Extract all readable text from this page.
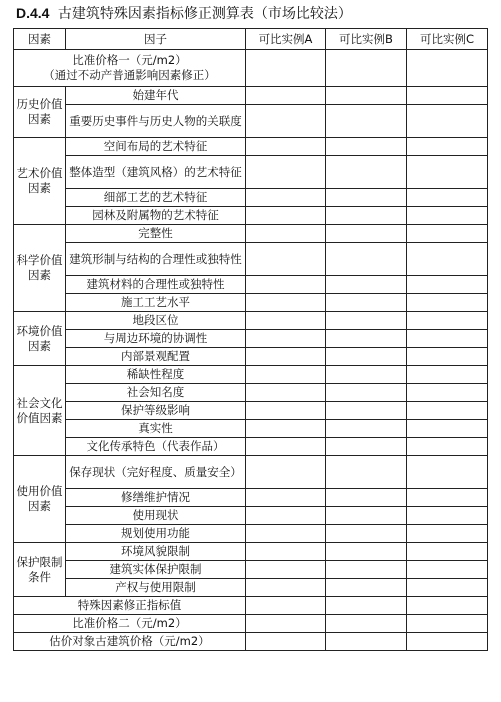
D.4.4 古建筑特殊因素指标修正测算表（市场比较法）
因素	因子	可比实例A	可比实例B	可比实例C

比准价格一（元/m2）
（通过不动产普通影响因素修正）				

历史价值因素	始建年代			
	重要历史事件与历史人物的关联度			
艺术价值因素	空间布局的艺术特征			
	整体造型（建筑风格）的艺术特征			
	细部工艺的艺术特征			
	园林及附属物的艺术特征			
科学价值因素	完整性			
	建筑形制与结构的合理性或独特性			
	建筑材料的合理性或独特性			
	施工工艺水平			
环境价值因素	地段区位			
	与周边环境的协调性			
	内部景观配置			
社会文化价值因素	稀缺性程度			
	社会知名度			
	保护等级影响			
	真实性			
	文化传承特色（代表作品）			
使用价值因素	保存现状（完好程度、质量安全）			
	修缮维护情况			
	使用现状			
	规划使用功能			
保护限制条件	环境风貌限制			
	建筑实体保护限制			
	产权与使用限制			
特殊因素修正指标值				
比准价格二（元/m2）				
估价对象古建筑价格（元/m2）				
